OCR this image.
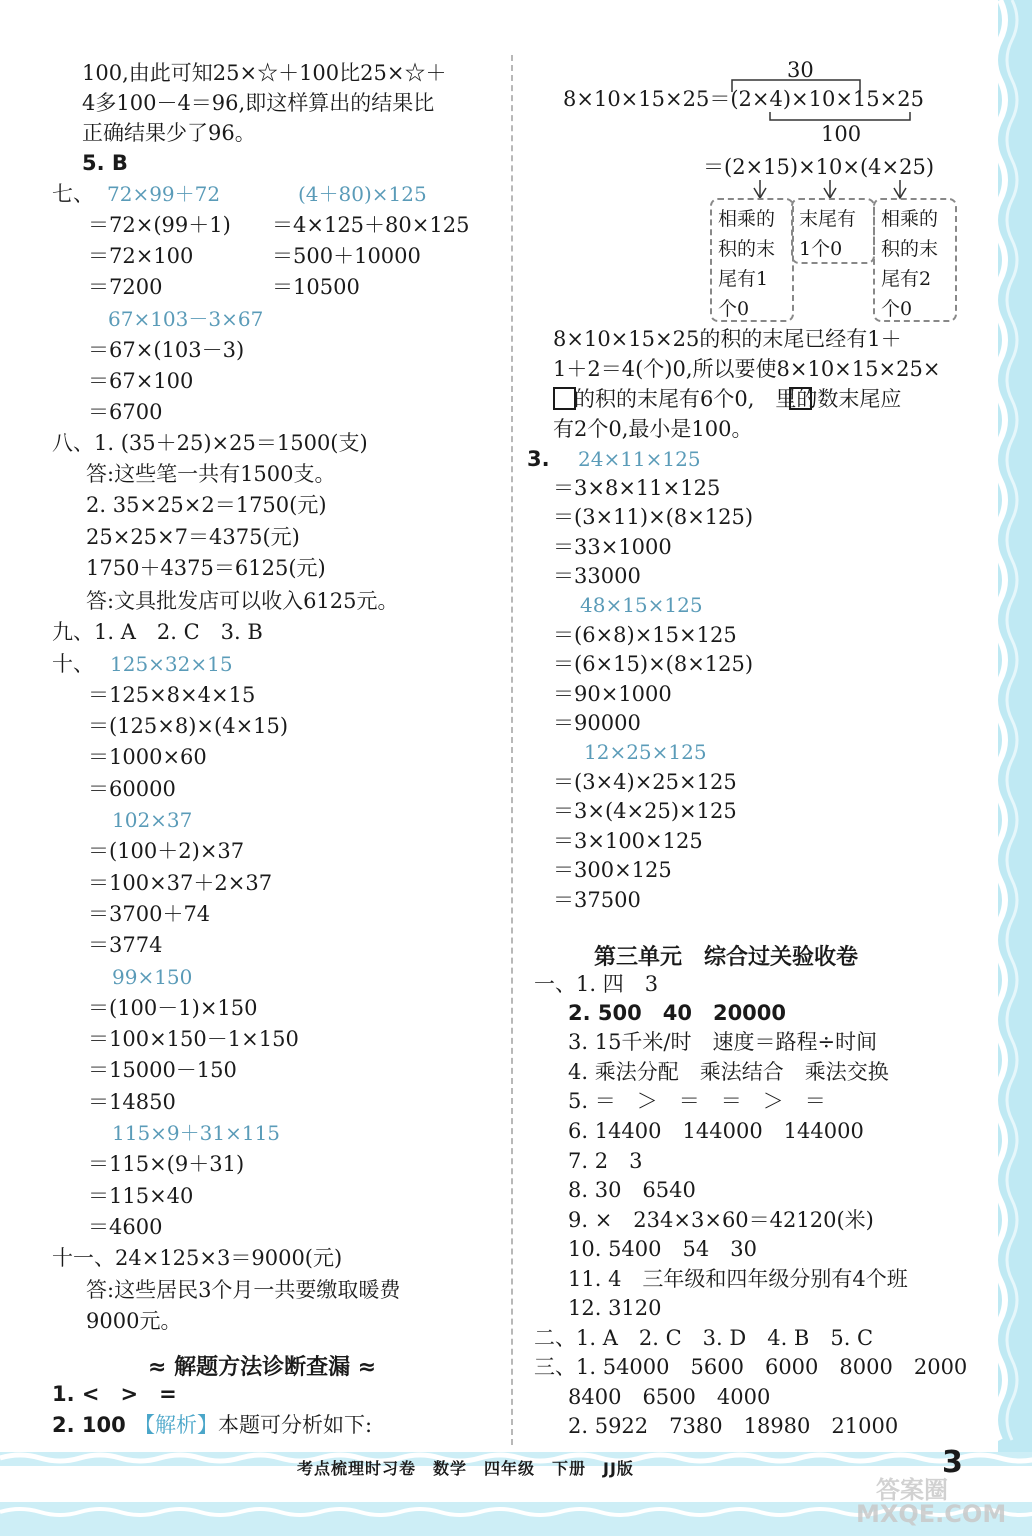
100,由此可知25×☆＋100比25×☆＋
4多100－4＝96,即这样算出的结果比
正确结果少了96。
5. B
七、 72×99＋72	(4＋80)×125
＝72×(99＋1) ＝4×125＋80×125
＝72×100	＝500＋10000
＝7200	＝10500
67×103－3×67
＝67×(103－3)
＝67×100
＝6700
八、1. (35＋25)×25＝1500(支)
答:这些笔一共有1500支。
2. 35×25×2＝1750(元)
25×25×7＝4375(元)
1750＋4375＝6125(元)
答:文具批发店可以收入6125元。
九、1. A　2. C　3. B
十、 125×32×15
＝125×8×4×15
＝(125×8)×(4×15)
＝1000×60
＝60000
102×37
＝(100＋2)×37
＝100×37＋2×37
＝3700＋74
＝3774
99×150
＝(100－1)×150
＝100×150－1×150
＝15000－150
＝14850
115×9＋31×115
＝115×(9＋31)
＝115×40
＝4600
十一、24×125×3＝9000(元)
答:这些居民3个月一共要缴取暖费
9000元。
1. <　>　=
2. 100	本题可分析如下:
30
8×10×15×25＝(2×4)×10×15×25
100
＝(2×15)×10×(4×25)
8×10×15×25的积的末尾已经有1＋
1＋2＝4(个)0,所以要使8×10×15×25×
　的积的末尾有6个0,　里的数末尾应
有2个0,最小是100。
3. 24×11×125
＝3×8×11×125
＝(3×11)×(8×125)
＝33×1000
＝33000
48×15×125
＝(6×8)×15×125
＝(6×15)×(8×125)
＝90×1000
＝90000
12×25×125
＝(3×4)×25×125
＝3×(4×25)×125
＝3×100×125
＝300×125
＝37500
一、1. 四　3
2. 500　40　20000
3. 15千米/时　速度＝路程÷时间
4. 乘法分配　乘法结合　乘法交换
5. ＝　＞　＝　＝　＞　＝
6. 14400　144000　144000
7. 2　3
8. 30　6540
9. ×　234×3×60＝42120(米)
10. 5400　54　30
11. 4　三年级和四年级分别有4个班
12. 3120
二、1. A　2. C　3. D　4. B　5. C
三、1. 54000　5600　6000　8000　2000
8400　6500　4000
2. 5922　7380　18980　21000
≈ 解题方法诊断查漏 ≈
【解析】
第三单元　综合过关验收卷
相乘的积的末尾有1个0
末尾有1个0
相乘的积的末尾有2个0
考点梳理时习卷　数学　四年级　下册　JJ版
答案圈
MXQE.COM
3
